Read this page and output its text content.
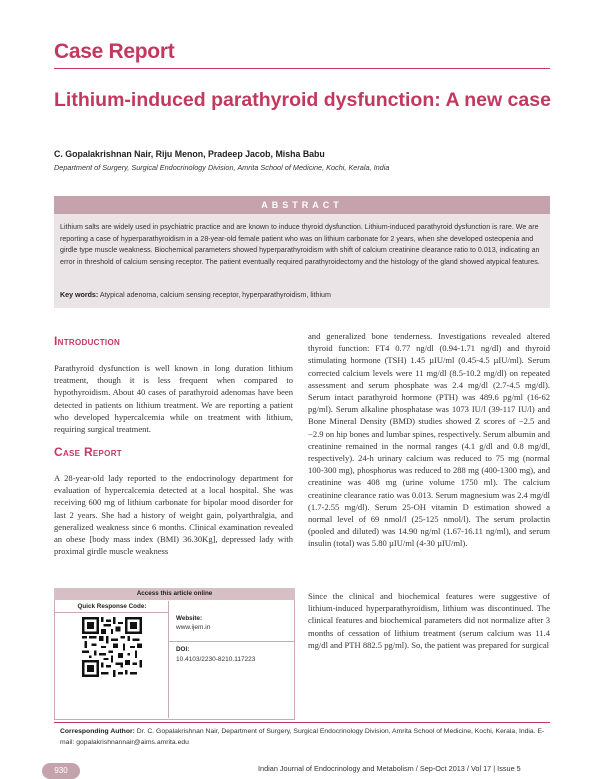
Case Report
Lithium-induced parathyroid dysfunction: A new case
C. Gopalakrishnan Nair, Riju Menon, Pradeep Jacob, Misha Babu
Department of Surgery, Surgical Endocrinology Division, Amrita School of Medicine, Kochi, Kerala, India
ABSTRACT
Lithium salts are widely used in psychiatric practice and are known to induce thyroid dysfunction. Lithium-induced parathyroid dysfunction is rare. We are reporting a case of hyperparathyroidism in a 28-year-old female patient who was on lithium carbonate for 2 years, when she developed osteopenia and girdle type muscle weakness. Biochemical parameters showed hyperparathyroidism with shift of calcium creatinine clearance ratio to 0.013, indicating an error in threshold of calcium sensing receptor. The patient eventually required parathyroidectomy and the histology of the gland showed atypical features.
Key words: Atypical adenoma, calcium sensing receptor, hyperparathyroidism, lithium
Introduction
Parathyroid dysfunction is well known in long duration lithium treatment, though it is less frequent when compared to hypothyroidism. About 40 cases of parathyroid adenomas have been detected in patients on lithium treatment. We are reporting a patient who developed hypercalcemia while on treatment with lithium, requiring surgical treatment.
Case Report
A 28-year-old lady reported to the endocrinology department for evaluation of hypercalcemia detected at a local hospital. She was receiving 600 mg of lithium carbonate for bipolar mood disorder for last 2 years. She had a history of weight gain, polyarthralgia, and generalized weakness since 6 months. Clinical examination revealed an obese [body mass index (BMI) 36.30Kg], depressed lady with proximal girdle muscle weakness
and generalized bone tenderness. Investigations revealed altered thyroid function: FT4 0.77 ng/dl (0.94-1.71 ng/dl) and thyroid stimulating hormone (TSH) 1.45 µIU/ml (0.45-4.5 µIU/ml). Serum corrected calcium levels were 11 mg/dl (8.5-10.2 mg/dl) on repeated assessment and serum phosphate was 2.4 mg/dl (2.7-4.5 mg/dl). Serum intact parathyroid hormone (PTH) was 489.6 pg/ml (16-62 pg/ml). Serum alkaline phosphatase was 1073 IU/l (39-117 IU/l) and Bone Mineral Density (BMD) studies showed Z scores of −2.5 and −2.9 on hip bones and lumbar spines, respectively. Serum albumin and creatinine remained in the normal ranges (4.1 g/dl and 0.8 mg/dl, respectively). 24-h urinary calcium was reduced to 75 mg (normal 100-300 mg), phosphorus was reduced to 288 mg (400-1300 mg), and creatinine was 408 mg (urine volume 1750 ml). The calcium creatinine clearance ratio was 0.013. Serum magnesium was 2.4 mg/dl (1.7-2.55 mg/dl). Serum 25-OH vitamin D estimation showed a normal level of 69 nmol/l (25-125 nmol/l). The serum prolactin (pooled and diluted) was 14.90 ng/ml (1.67-16.11 ng/ml), and serum insulin (total) was 5.80 µIU/ml (4-30 µIU/ml).
Since the clinical and biochemical features were suggestive of lithium-induced hyperparathyroidism, lithium was discontinued. The clinical features and biochemical parameters did not normalize after 3 months of cessation of lithium treatment (serum calcium was 11.4 mg/dl and PTH 882.5 pg/ml). So, the patient was prepared for surgical
Access this article online
Quick Response Code:
Website:
www.ijem.in
DOI:
10.4103/2230-8210.117223
Corresponding Author: Dr. C. Gopalakrishnan Nair, Department of Surgery, Surgical Endocrinology Division, Amrita School of Medicine, Kochi, Kerala, India. E-mail: gopalakrishnannair@aims.amrita.edu
930	Indian Journal of Endocrinology and Metabolism / Sep-Oct 2013 / Vol 17 | Issue 5
